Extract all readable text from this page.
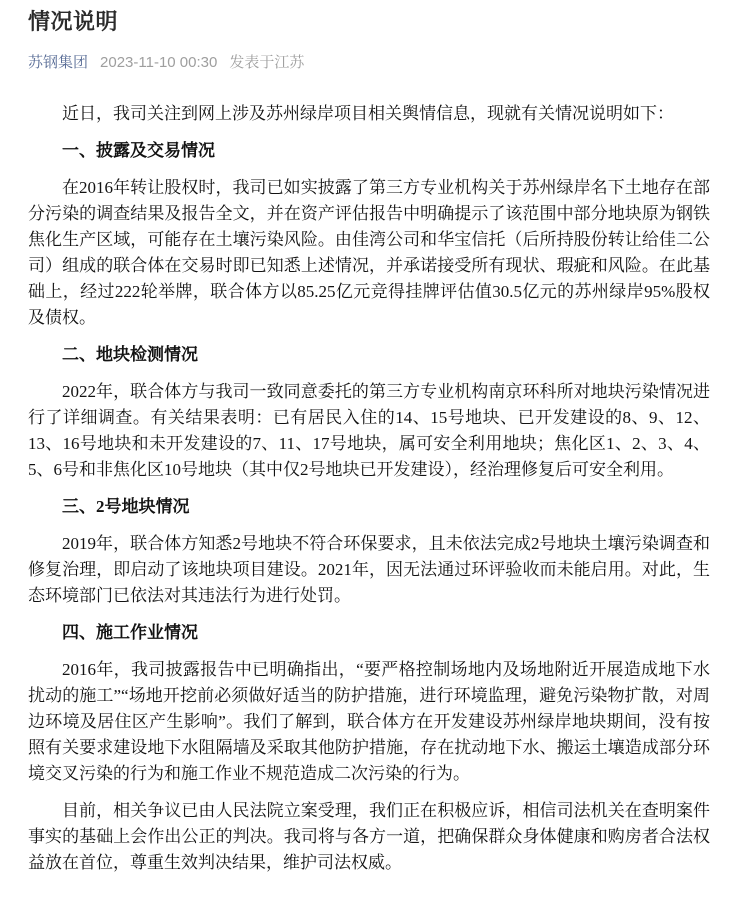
情况说明
苏钢集团 2023-11-10 00:30 发表于江苏

近日，我司关注到网上涉及苏州绿岸项目相关舆情信息，现就有关情况说明如下：

一、披露及交易情况

在2016年转让股权时，我司已如实披露了第三方专业机构关于苏州绿岸名下土地存在部分污染的调查结果及报告全文，并在资产评估报告中明确提示了该范围中部分地块原为钢铁焦化生产区域，可能存在土壤污染风险。由佳湾公司和华宝信托（后所持股份转让给佳二公司）组成的联合体在交易时即已知悉上述情况，并承诺接受所有现状、瑕疵和风险。在此基础上，经过222轮举牌，联合体方以85.25亿元竞得挂牌评估值30.5亿元的苏州绿岸95%股权及债权。

二、地块检测情况

2022年，联合体方与我司一致同意委托的第三方专业机构南京环科所对地块污染情况进行了详细调查。有关结果表明：已有居民入住的14、15号地块、已开发建设的8、9、12、13、16号地块和未开发建设的7、11、17号地块，属可安全利用地块；焦化区1、2、3、4、5、6号和非焦化区10号地块（其中仅2号地块已开发建设），经治理修复后可安全利用。

三、2号地块情况

2019年，联合体方知悉2号地块不符合环保要求，且未依法完成2号地块土壤污染调查和修复治理，即启动了该地块项目建设。2021年，因无法通过环评验收而未能启用。对此，生态环境部门已依法对其违法行为进行处罚。

四、施工作业情况

2016年，我司披露报告中已明确指出，“要严格控制场地内及场地附近开展造成地下水扰动的施工”“场地开挖前必须做好适当的防护措施，进行环境监理，避免污染物扩散，对周边环境及居住区产生影响”。我们了解到，联合体方在开发建设苏州绿岸地块期间，没有按照有关要求建设地下水阻隔墙及采取其他防护措施，存在扰动地下水、搬运土壤造成部分环境交叉污染的行为和施工作业不规范造成二次污染的行为。

目前，相关争议已由人民法院立案受理，我们正在积极应诉，相信司法机关在查明案件事实的基础上会作出公正的判决。我司将与各方一道，把确保群众身体健康和购房者合法权益放在首位，尊重生效判决结果，维护司法权威。
